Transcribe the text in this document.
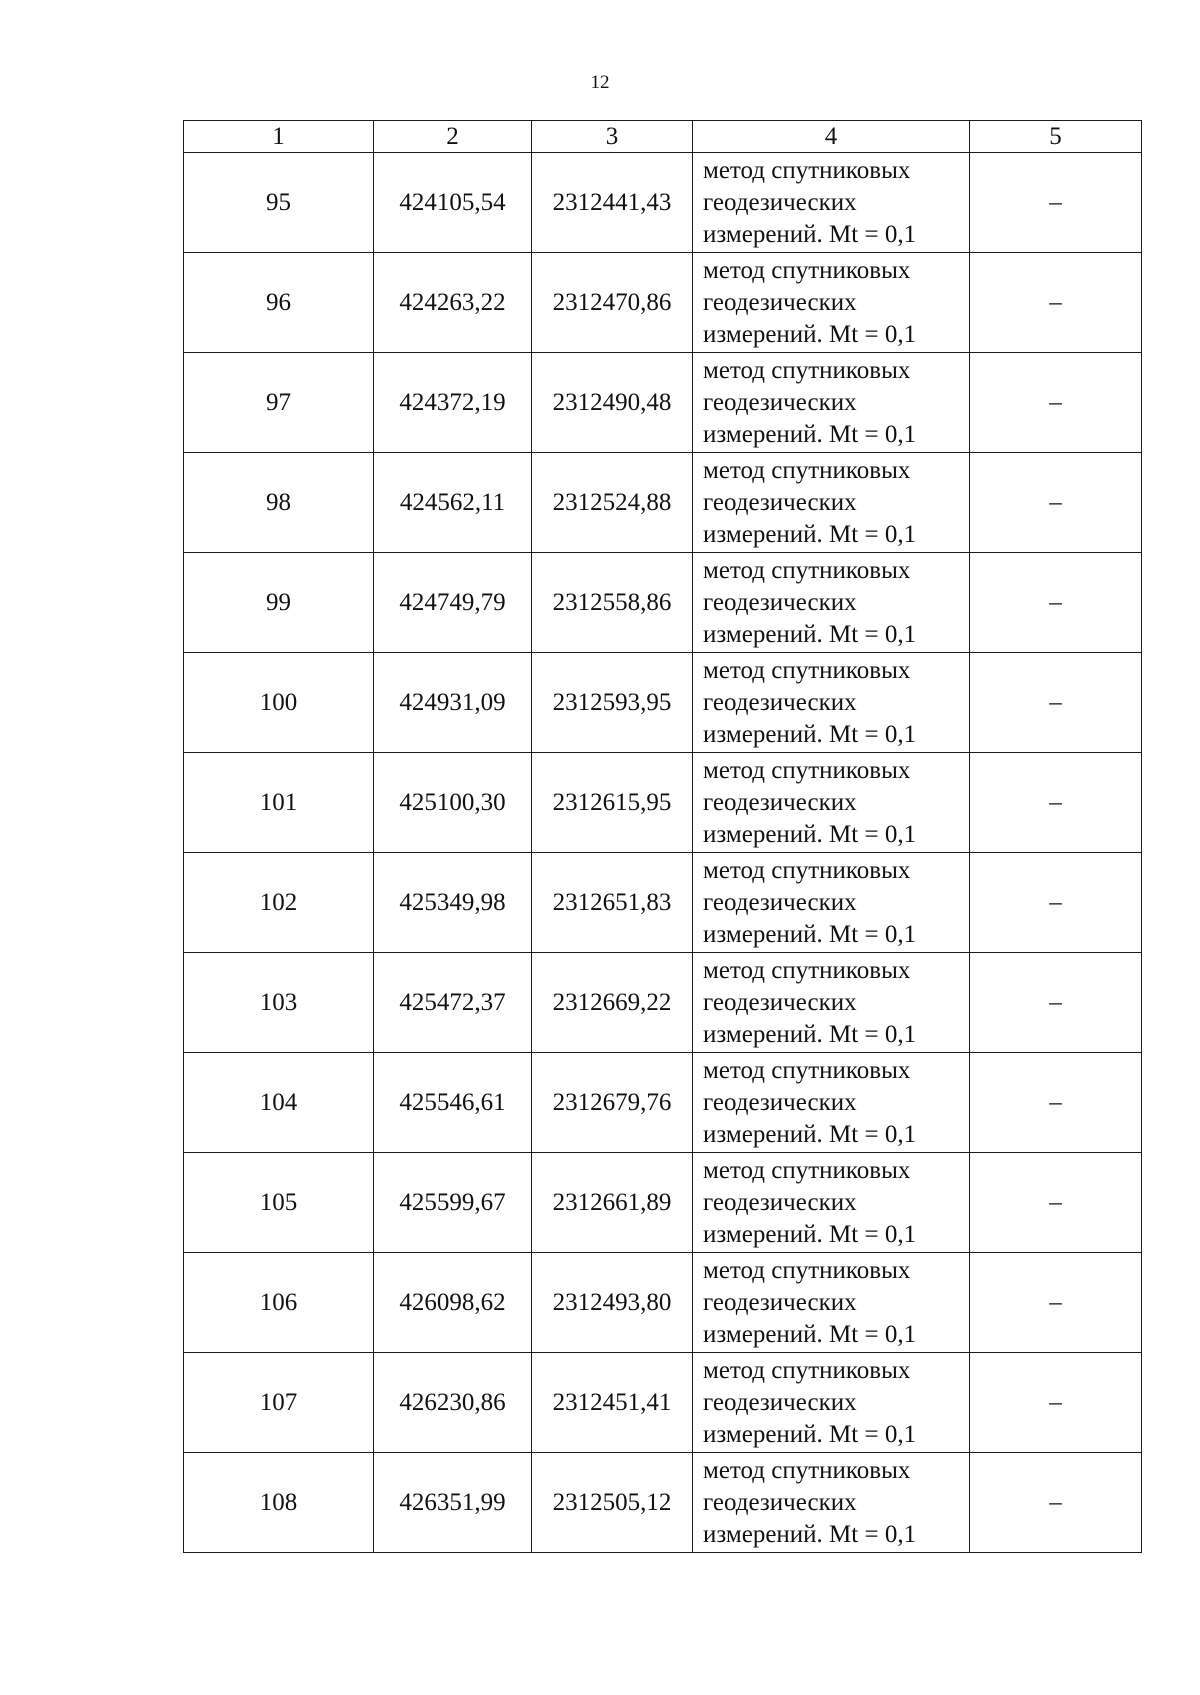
12
1	2	3	4	5
95	424105,54	2312441,43	метод спутниковых
геодезических
измерений. Mt = 0,1	–
96	424263,22	2312470,86	метод спутниковых
геодезических
измерений. Mt = 0,1	–
97	424372,19	2312490,48	метод спутниковых
геодезических
измерений. Mt = 0,1	–
98	424562,11	2312524,88	метод спутниковых
геодезических
измерений. Mt = 0,1	–
99	424749,79	2312558,86	метод спутниковых
геодезических
измерений. Mt = 0,1	–
100	424931,09	2312593,95	метод спутниковых
геодезических
измерений. Mt = 0,1	–
101	425100,30	2312615,95	метод спутниковых
геодезических
измерений. Mt = 0,1	–
102	425349,98	2312651,83	метод спутниковых
геодезических
измерений. Mt = 0,1	–
103	425472,37	2312669,22	метод спутниковых
геодезических
измерений. Mt = 0,1	–
104	425546,61	2312679,76	метод спутниковых
геодезических
измерений. Mt = 0,1	–
105	425599,67	2312661,89	метод спутниковых
геодезических
измерений. Mt = 0,1	–
106	426098,62	2312493,80	метод спутниковых
геодезических
измерений. Mt = 0,1	–
107	426230,86	2312451,41	метод спутниковых
геодезических
измерений. Mt = 0,1	–
108	426351,99	2312505,12	метод спутниковых
геодезических
измерений. Mt = 0,1	–
